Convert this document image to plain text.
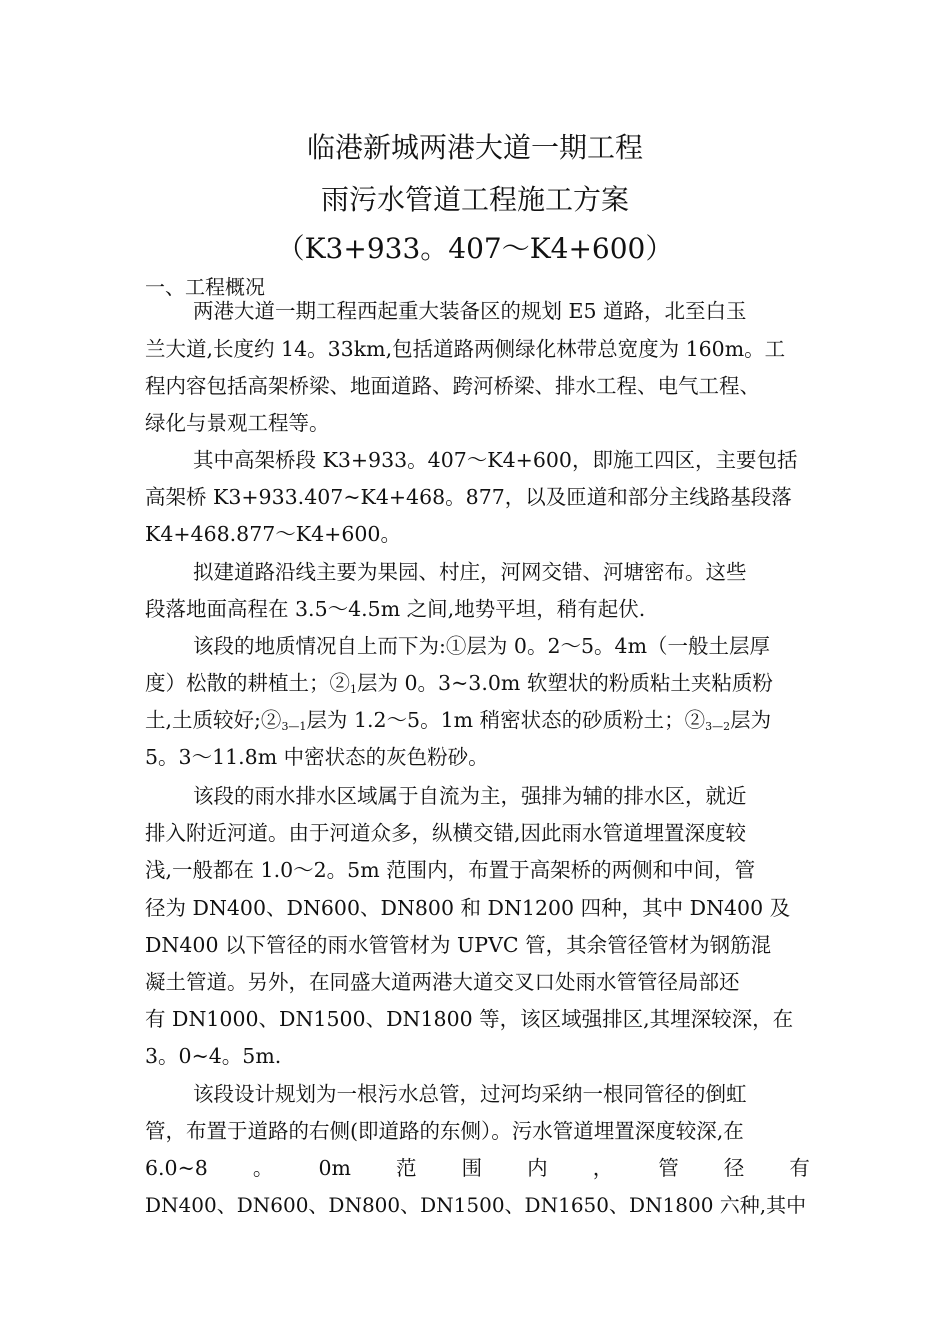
临港新城两港大道一期工程
雨污水管道工程施工方案
（K3+933。407～K4+600）
一、工程概况
两港大道一期工程西起重大装备区的规划 E5 道路，北至白玉
兰大道,长度约 14。33km,包括道路两侧绿化林带总宽度为 160m。工
程内容包括高架桥梁、地面道路、跨河桥梁、排水工程、电气工程、
绿化与景观工程等。
其中高架桥段 K3+933。407～K4+600，即施工四区，主要包括
高架桥 K3+933.407~K4+468。877，以及匝道和部分主线路基段落
K4+468.877～K4+600。
拟建道路沿线主要为果园、村庄，河网交错、河塘密布。这些
段落地面高程在 3.5～4.5m 之间,地势平坦，稍有起伏.
该段的地质情况自上而下为:①层为 0。2～5。4m（一般土层厚
度）松散的耕植土；$②_1$层为 0。3~3.0m 软塑状的粉质粘土夹粘质粉
土,土质较好$;②_{3—1}$层为 1.2～5。1m 稍密状态的砂质粉土；$②_{3—2}$层为
5。3～11.8m 中密状态的灰色粉砂。
该段的雨水排水区域属于自流为主，强排为辅的排水区，就近
排入附近河道。由于河道众多，纵横交错,因此雨水管道埋置深度较
浅,一般都在 1.0～2。5m 范围内，布置于高架桥的两侧和中间，管
径为 DN400、DN600、DN800 和 DN1200 四种，其中 DN400 及
DN400 以下管径的雨水管管材为 UPVC 管，其余管径管材为钢筋混
凝土管道。另外，在同盛大道两港大道交叉口处雨水管管径局部还
有 DN1000、DN1500、DN1800 等，该区域强排区,其埋深较深，在
3。0~4。5m.
该段设计规划为一根污水总管，过河均采纳一根同管径的倒虹
管，布置于道路的右侧(即道路的东侧）。污水管道埋置深度较深,在
6.0~8 。 0m 范 围 内 ， 管 径 有
DN400、DN600、DN800、DN1500、DN1650、DN1800 六种,其中
